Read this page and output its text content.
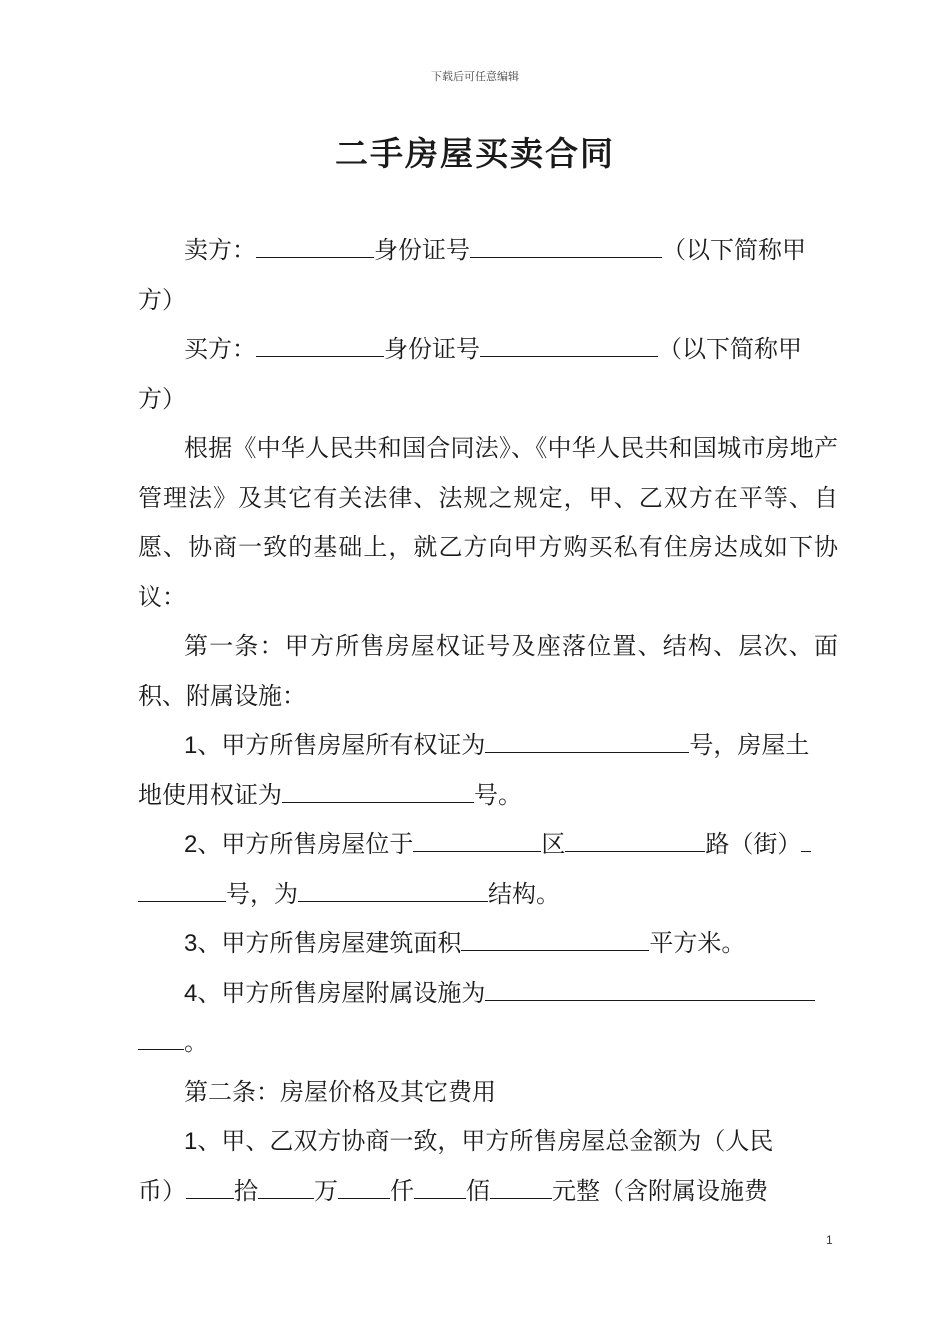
下载后可任意编辑
二手房屋买卖合同
卖方：	身份证号	（以下简称甲
方）
买方：	身份证号	（以下简称甲
方）
根据《中华人民共和国合同法》、《中华人民共和国城市房地产管理法》及其它有关法律、法规之规定，甲、乙双方在平等、自愿、协商一致的基础上，就乙方向甲方购买私有住房达成如下协议：
第一条：甲方所售房屋权证号及座落位置、结构、层次、面积、附属设施：
1、甲方所售房屋所有权证为	号，房屋土
地使用权证为	号。
2、甲方所售房屋位于	区	路（街）
号，为	结构。
3、甲方所售房屋建筑面积	平方米。
4、甲方所售房屋附属设施为
。
第二条：房屋价格及其它费用
1、甲、乙双方协商一致，甲方所售房屋总金额为（人民
币） 拾 万 仟 佰	元整（含附属设施费
1
